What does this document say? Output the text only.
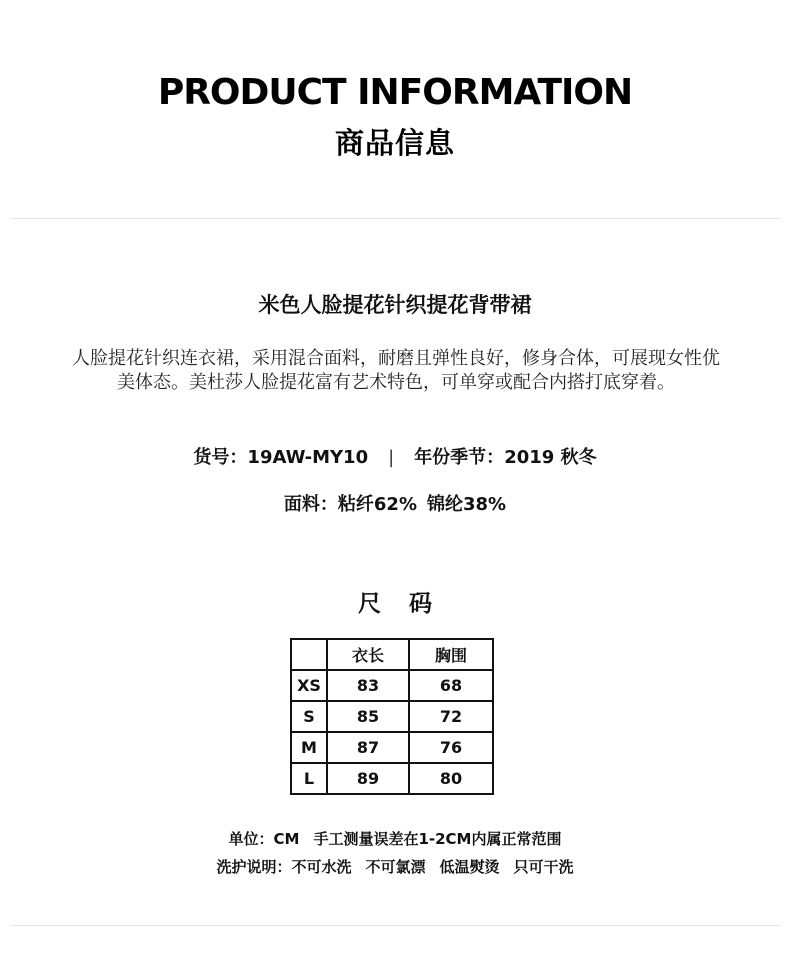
PRODUCT INFORMATION
商品信息
米色人脸提花针织提花背带裙
人脸提花针织连衣裙，采用混合面料，耐磨且弹性良好，修身合体，可展现女性优美体态。美杜莎人脸提花富有艺术特色，可单穿或配合内搭打底穿着。
货号：19AW-MY10 | 年份季节：2019 秋冬
面料：粘纤62% 锦纶38%
尺 码
	衣长	胸围
XS	83	68
S	85	72
M	87	76
L	89	80
单位：CM 手工测量误差在1-2CM内属正常范围
洗护说明：不可水洗 不可氯漂 低温熨烫 只可干洗
